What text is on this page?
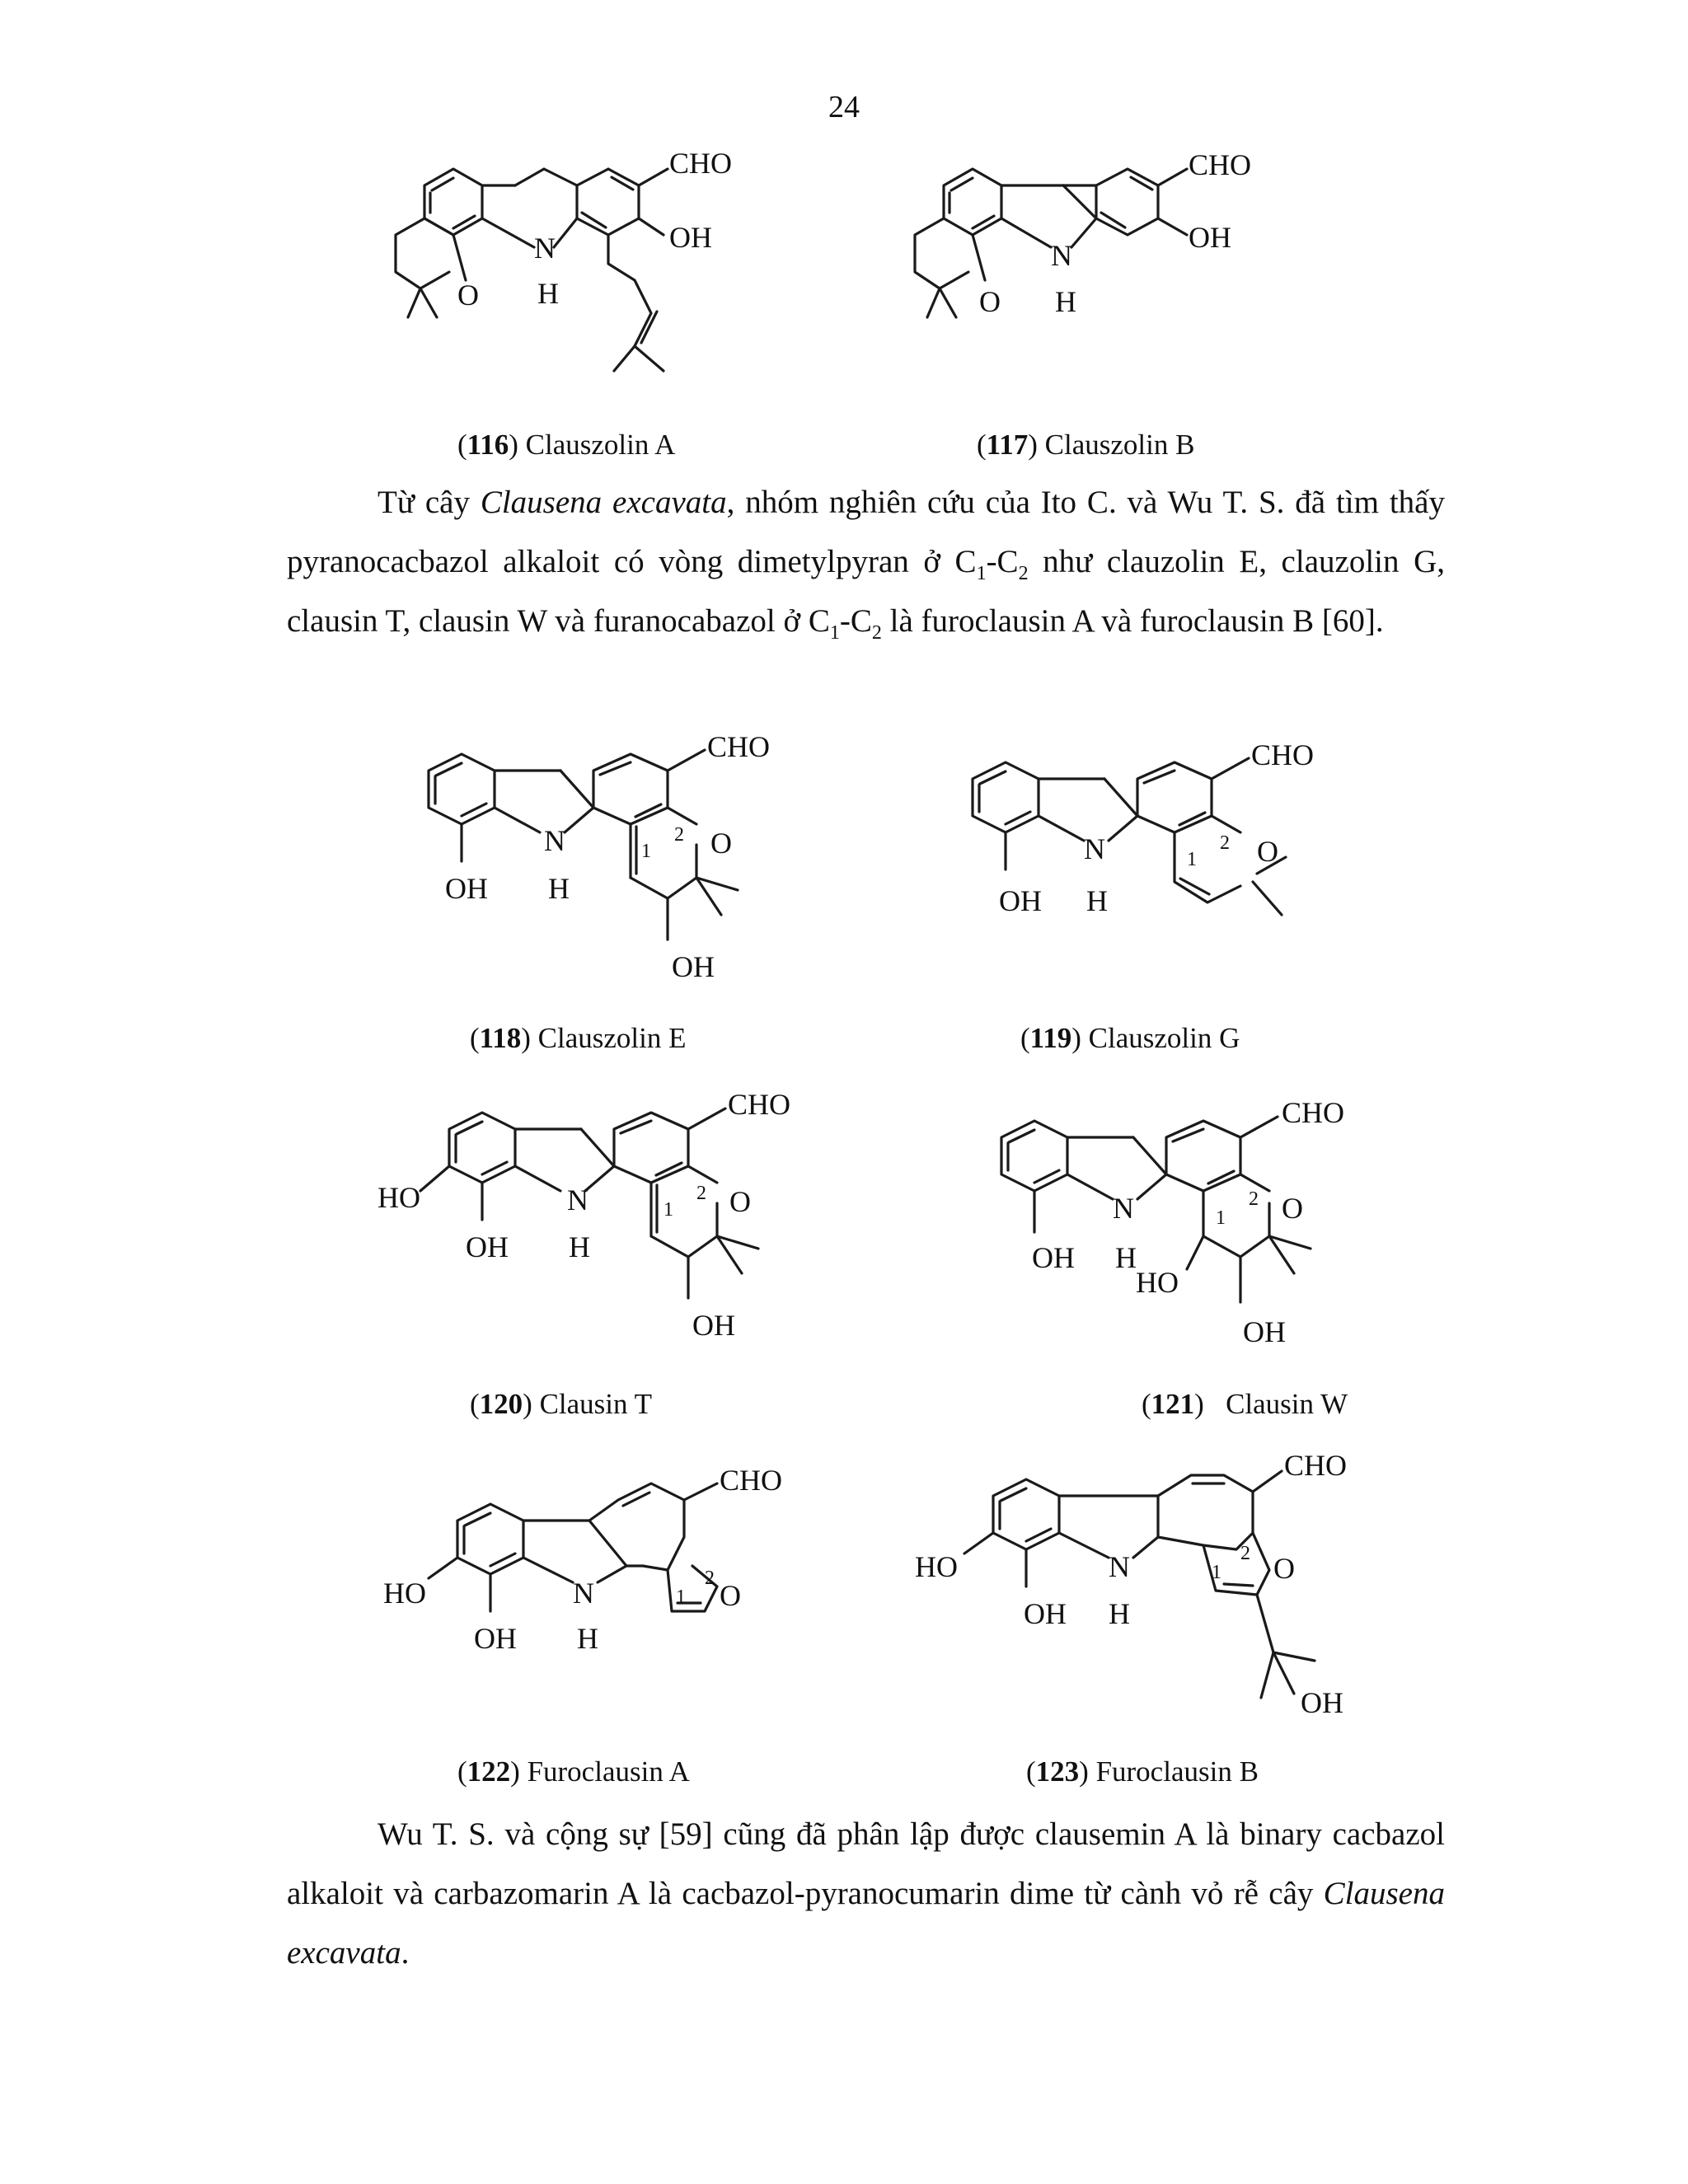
24
CHO
OH
N
H
O
CHO
OH
N
H
O
(116) Clauszolin A	(117) Clauszolin B
Từ cây Clausena excavata, nhóm nghiên cứu của Ito C. và Wu T. S. đã tìm thấy pyranocacbazol alkaloit có vòng dimetylpyran ở $C_1-C_2$ như clauzolin E, clauzolin G, clausin T, clausin W và furanocabazol ở $C_1-C_2$ là furoclausin A và furoclausin B [60].
CHO
N
H
OH
O
OH
1
2
CHO
N
H
OH
O
1
2
(118) Clauszolin E	(119) Clauszolin G
CHO
HO	N
H
OH
O
OH
1
2
CHO
N
H
OH
HO
O
OH
1
2
(120) Clausin T	(121)   Clausin W
CHO
HO	N
H
OH
O
1
2
CHO
HO	N
H
OH
O
OH
1
2
(122) Furoclausin A	(123) Furoclausin B
Wu T. S. và cộng sự [59] cũng đã phân lập được clausemin A là binary cacbazol alkaloit và carbazomarin A là cacbazol-pyranocumarin dime từ cành vỏ rễ cây Clausena excavata.
